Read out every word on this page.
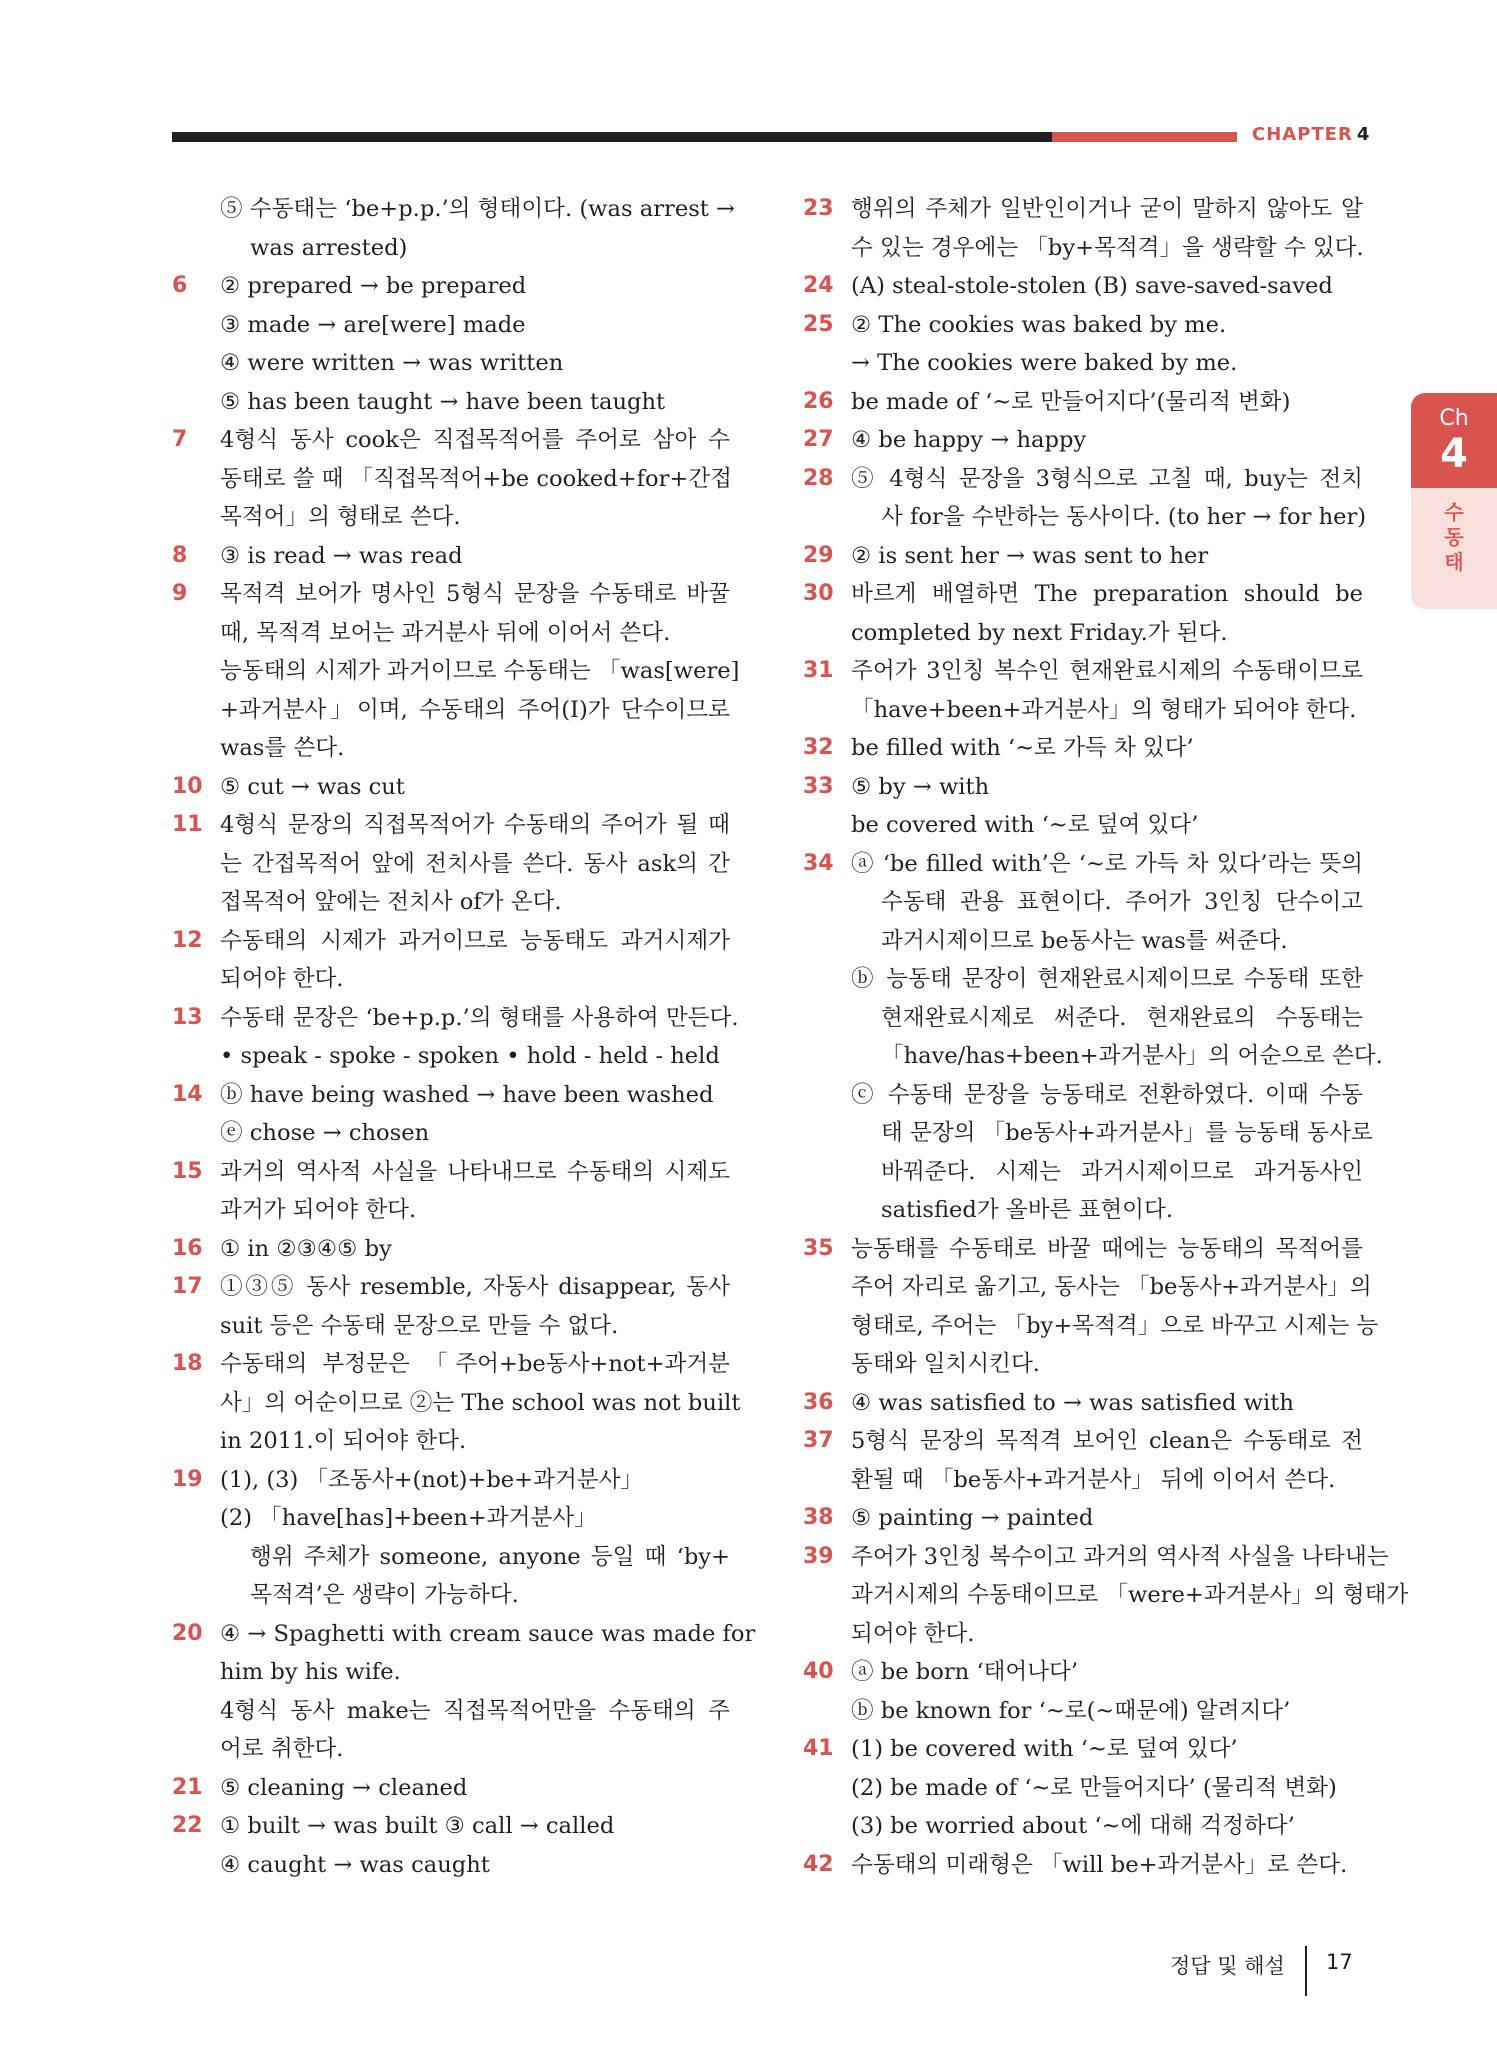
CHAPTER 4
Ch
4
수동태
⑤ 수동태는 ‘be+p.p.’의 형태이다. (was arrest →
was arrested)
6 ② prepared → be prepared
③ made → are[were] made
④ were written → was written
⑤ has been taught → have been taught
7 4형식 동사 cook은 직접목적어를 주어로 삼아 수
동태로 쓸 때 「직접목적어+be cooked+for+간접
목적어」의 형태로 쓴다.
8 ③ is read → was read
9 목적격 보어가 명사인 5형식 문장을 수동태로 바꿀
때, 목적격 보어는 과거분사 뒤에 이어서 쓴다.
능동태의 시제가 과거이므로 수동태는 「was[were]
+과거분사」이며, 수동태의 주어(I)가 단수이므로
was를 쓴다.
10 ⑤ cut → was cut
11 4형식 문장의 직접목적어가 수동태의 주어가 될 때
는 간접목적어 앞에 전치사를 쓴다. 동사 ask의 간
접목적어 앞에는 전치사 of가 온다.
12 수동태의 시제가 과거이므로 능동태도 과거시제가
되어야 한다.
13 수동태 문장은 ‘be+p.p.’의 형태를 사용하여 만든다.
• speak - spoke - spoken • hold - held - held
14 ⓑ have being washed → have been washed
ⓔ chose → chosen
15 과거의 역사적 사실을 나타내므로 수동태의 시제도
과거가 되어야 한다.
16 ① in ②③④⑤ by
17 ①③⑤ 동사 resemble, 자동사 disappear, 동사
suit 등은 수동태 문장으로 만들 수 없다.
18 수동태의 부정문은 「주어+be동사+not+과거분
사」의 어순이므로 ②는 The school was not built
in 2011.이 되어야 한다.
19 (1), (3) 「조동사+(not)+be+과거분사」
(2) 「have[has]+been+과거분사」
행위 주체가 someone, anyone 등일 때 ‘by+
목적격’은 생략이 가능하다.
20 ④ → Spaghetti with cream sauce was made for
him by his wife.
4형식 동사 make는 직접목적어만을 수동태의 주
어로 취한다.
21 ⑤ cleaning → cleaned
22 ① built → was built ③ call → called
④ caught → was caught
23 행위의 주체가 일반인이거나 굳이 말하지 않아도 알
수 있는 경우에는 「by+목적격」을 생략할 수 있다.
24 (A) steal-stole-stolen (B) save-saved-saved
25 ② The cookies was baked by me.
→ The cookies were baked by me.
26 be made of ‘~로 만들어지다’(물리적 변화)
27 ④ be happy → happy
28 ⑤ 4형식 문장을 3형식으로 고칠 때, buy는 전치
사 for을 수반하는 동사이다. (to her → for her)
29 ② is sent her → was sent to her
30 바르게 배열하면 The preparation should be
completed by next Friday.가 된다.
31 주어가 3인칭 복수인 현재완료시제의 수동태이므로
「have+been+과거분사」의 형태가 되어야 한다.
32 be filled with ‘~로 가득 차 있다’
33 ⑤ by → with
be covered with ‘~로 덮여 있다’
34 ⓐ ‘be filled with’은 ‘~로 가득 차 있다’라는 뜻의
수동태 관용 표현이다. 주어가 3인칭 단수이고
과거시제이므로 be동사는 was를 써준다.
ⓑ 능동태 문장이 현재완료시제이므로 수동태 또한
현재완료시제로 써준다. 현재완료의 수동태는
「have/has+been+과거분사」의 어순으로 쓴다.
ⓒ 수동태 문장을 능동태로 전환하였다. 이때 수동
태 문장의 「be동사+과거분사」를 능동태 동사로
바꿔준다. 시제는 과거시제이므로 과거동사인
satisfied가 올바른 표현이다.
35 능동태를 수동태로 바꿀 때에는 능동태의 목적어를
주어 자리로 옮기고, 동사는 「be동사+과거분사」의
형태로, 주어는 「by+목적격」으로 바꾸고 시제는 능
동태와 일치시킨다.
36 ④ was satisfied to → was satisfied with
37 5형식 문장의 목적격 보어인 clean은 수동태로 전
환될 때 「be동사+과거분사」 뒤에 이어서 쓴다.
38 ⑤ painting → painted
39 주어가 3인칭 복수이고 과거의 역사적 사실을 나타내는
과거시제의 수동태이므로 「were+과거분사」의 형태가
되어야 한다.
40 ⓐ be born ‘태어나다’
ⓑ be known for ‘~로(~때문에) 알려지다’
41 (1) be covered with ‘~로 덮여 있다’
(2) be made of ‘~로 만들어지다’ (물리적 변화)
(3) be worried about ‘~에 대해 걱정하다’
42 수동태의 미래형은 「will be+과거분사」로 쓴다.
정답 및 해설 17
